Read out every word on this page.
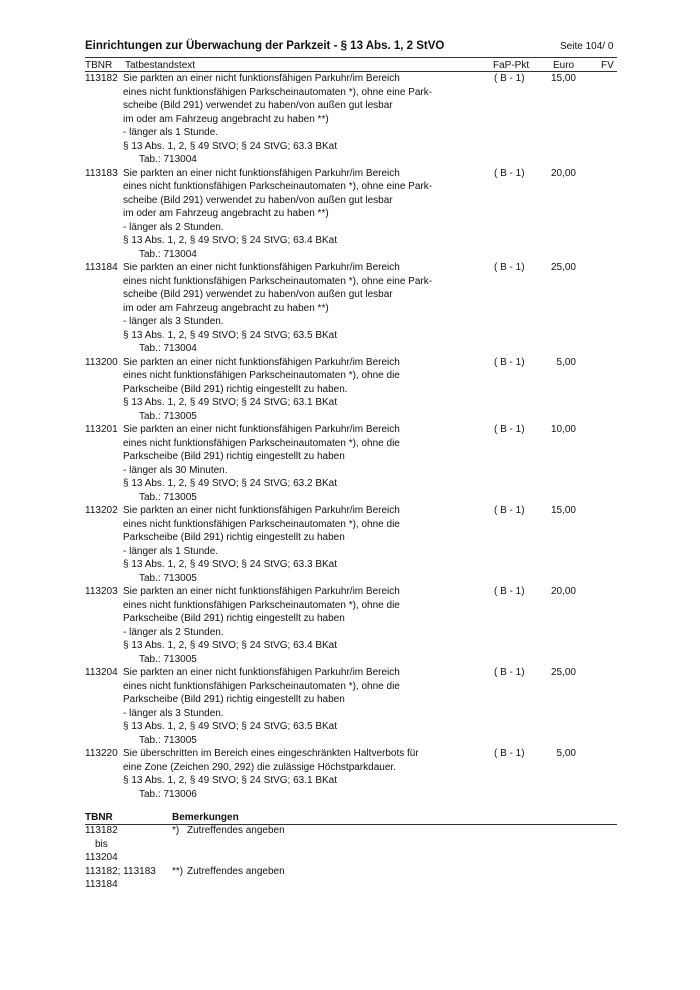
Einrichtungen zur Überwachung der Parkzeit - § 13 Abs. 1, 2 StVO	Seite 104/ 0
TBNR Tatbestandstext	FaP-Pkt Euro	FV
113182 Sie parkten an einer nicht funktionsfähigen Parkuhr/im Bereich
eines nicht funktionsfähigen Parkscheinautomaten *), ohne eine Park-
scheibe (Bild 291) verwendet zu haben/von außen gut lesbar
im oder am Fahrzeug angebracht zu haben **)
- länger als 1 Stunde.
§ 13 Abs. 1, 2, § 49 StVO; § 24 StVG; 63.3 BKat
Tab.: 713004
( B - 1)	15,00
113183 Sie parkten an einer nicht funktionsfähigen Parkuhr/im Bereich
eines nicht funktionsfähigen Parkscheinautomaten *), ohne eine Park-
scheibe (Bild 291) verwendet zu haben/von außen gut lesbar
im oder am Fahrzeug angebracht zu haben **)
- länger als 2 Stunden.
§ 13 Abs. 1, 2, § 49 StVO; § 24 StVG; 63.4 BKat
Tab.: 713004
( B - 1)	20,00
113184 Sie parkten an einer nicht funktionsfähigen Parkuhr/im Bereich
eines nicht funktionsfähigen Parkscheinautomaten *), ohne eine Park-
scheibe (Bild 291) verwendet zu haben/von außen gut lesbar
im oder am Fahrzeug angebracht zu haben **)
- länger als 3 Stunden.
§ 13 Abs. 1, 2, § 49 StVO; § 24 StVG; 63.5 BKat
Tab.: 713004
( B - 1)	25,00
113200 Sie parkten an einer nicht funktionsfähigen Parkuhr/im Bereich
eines nicht funktionsfähigen Parkscheinautomaten *), ohne die
Parkscheibe (Bild 291) richtig eingestellt zu haben.
§ 13 Abs. 1, 2, § 49 StVO; § 24 StVG; 63.1 BKat
Tab.: 713005
( B - 1)	5,00
113201 Sie parkten an einer nicht funktionsfähigen Parkuhr/im Bereich
eines nicht funktionsfähigen Parkscheinautomaten *), ohne die
Parkscheibe (Bild 291) richtig eingestellt zu haben
- länger als 30 Minuten.
§ 13 Abs. 1, 2, § 49 StVO; § 24 StVG; 63.2 BKat
Tab.: 713005
( B - 1)	10,00
113202 Sie parkten an einer nicht funktionsfähigen Parkuhr/im Bereich
eines nicht funktionsfähigen Parkscheinautomaten *), ohne die
Parkscheibe (Bild 291) richtig eingestellt zu haben
- länger als 1 Stunde.
§ 13 Abs. 1, 2, § 49 StVO; § 24 StVG; 63.3 BKat
Tab.: 713005
( B - 1)	15,00
113203 Sie parkten an einer nicht funktionsfähigen Parkuhr/im Bereich
eines nicht funktionsfähigen Parkscheinautomaten *), ohne die
Parkscheibe (Bild 291) richtig eingestellt zu haben
- länger als 2 Stunden.
§ 13 Abs. 1, 2, § 49 StVO; § 24 StVG; 63.4 BKat
Tab.: 713005
( B - 1)	20,00
113204 Sie parkten an einer nicht funktionsfähigen Parkuhr/im Bereich
eines nicht funktionsfähigen Parkscheinautomaten *), ohne die
Parkscheibe (Bild 291) richtig eingestellt zu haben
- länger als 3 Stunden.
§ 13 Abs. 1, 2, § 49 StVO; § 24 StVG; 63.5 BKat
Tab.: 713005
( B - 1)	25,00
113220 Sie überschritten im Bereich eines eingeschränkten Haltverbots für
eine Zone (Zeichen 290, 292) die zulässige Höchstparkdauer.
§ 13 Abs. 1, 2, § 49 StVO; § 24 StVG; 63.1 BKat
Tab.: 713006
( B - 1)	5,00
TBNR	Bemerkungen
113182	*) Zutreffendes angeben
bis
113204
113182; 113183 **) Zutreffendes angeben
113184
